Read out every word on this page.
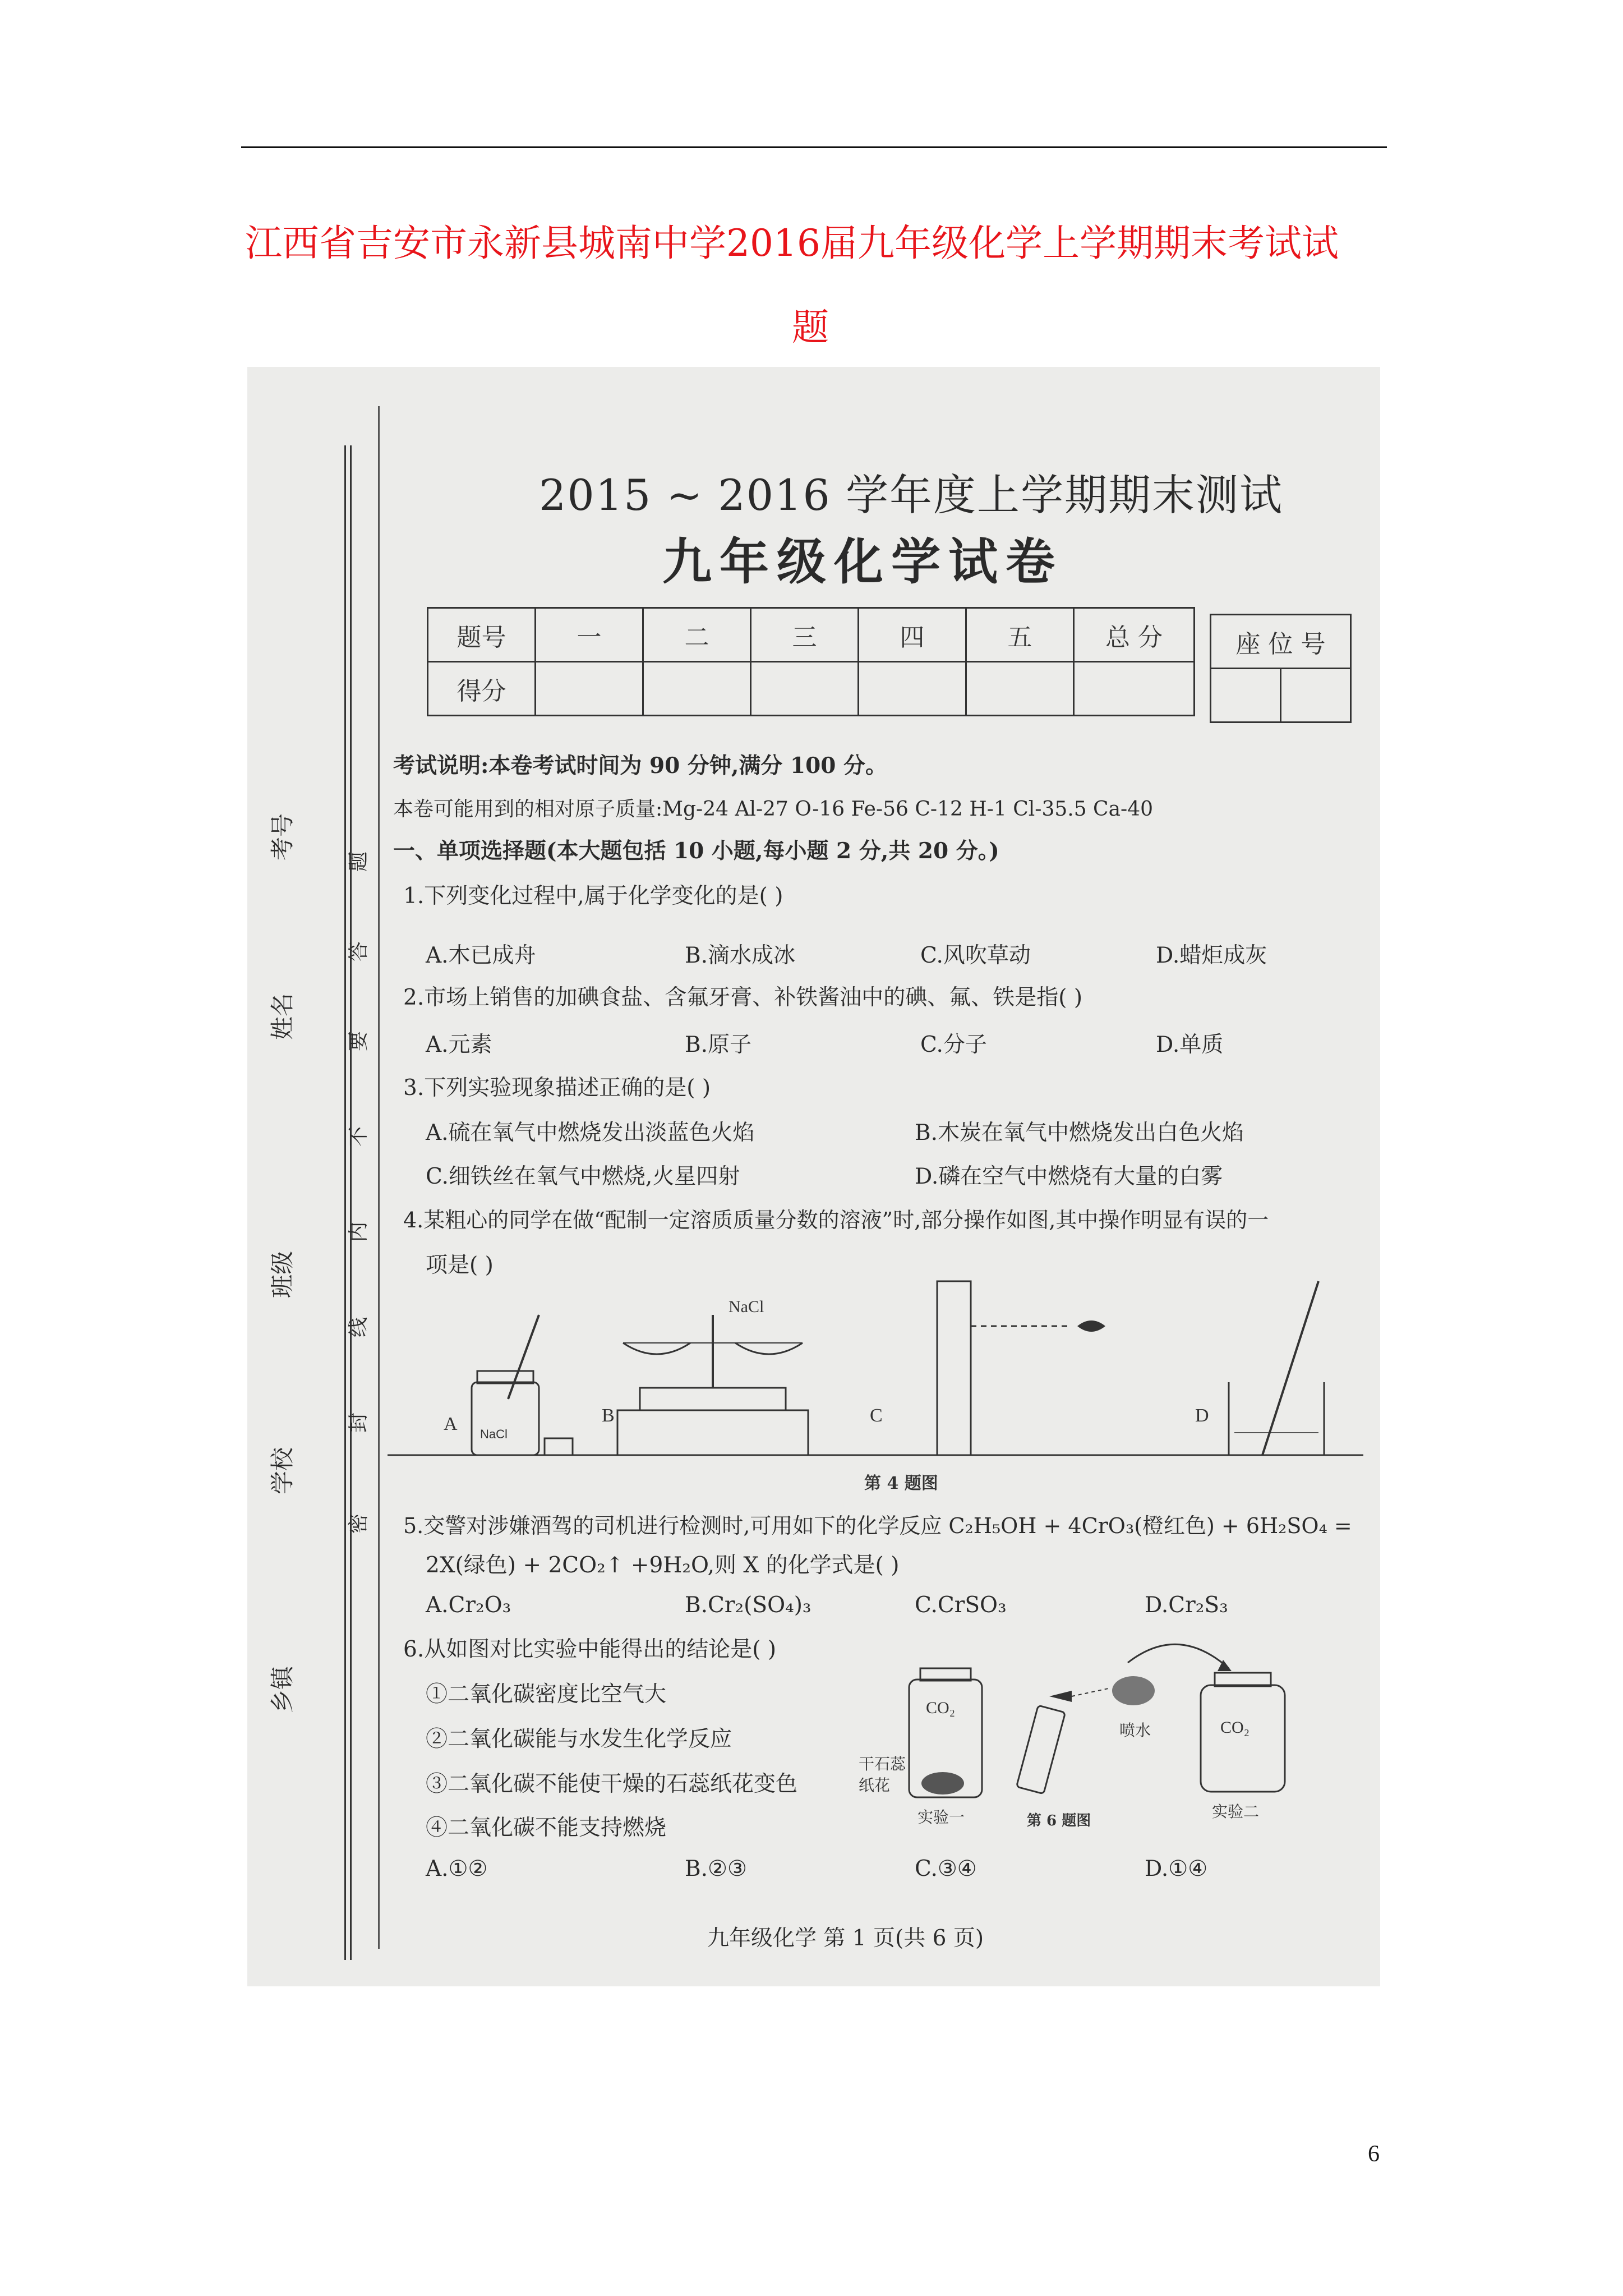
江西省吉安市永新县城南中学2016届九年级化学上学期期末考试试
题
考号
姓名
班级
学校
乡镇
题
答
要
不
内
线
封
密
2015 ~ 2016 学年度上学期期末测试
九年级化学试卷
题号	一	二	三	四	五	总 分
得分						
座 位 号

考试说明:本卷考试时间为 90 分钟,满分 100 分。
本卷可能用到的相对原子质量:Mg-24 Al-27 O-16 Fe-56 C-12 H-1 Cl-35.5 Ca-40
一、单项选择题(本大题包括 10 小题,每小题 2 分,共 20 分。)
1.下列变化过程中,属于化学变化的是( )
A.木已成舟	B.滴水成冰	C.风吹草动	D.蜡炬成灰
2.市场上销售的加碘食盐、含氟牙膏、补铁酱油中的碘、氟、铁是指( )
A.元素	B.原子	C.分子	D.单质
3.下列实验现象描述正确的是( )
A.硫在氧气中燃烧发出淡蓝色火焰	B.木炭在氧气中燃烧发出白色火焰
C.细铁丝在氧气中燃烧,火星四射	D.磷在空气中燃烧有大量的白雾
4.某粗心的同学在做“配制一定溶质质量分数的溶液”时,部分操作如图,其中操作明显有误的一
项是( )
A	B	C	D
NaCl
NaCl
第 4 题图
5.交警对涉嫌酒驾的司机进行检测时,可用如下的化学反应 C₂H₅OH + 4CrO₃(橙红色) + 6H₂SO₄ =
2X(绿色) + 2CO₂↑ +9H₂O,则 X 的化学式是( )
A.Cr₂O₃	B.Cr₂(SO₄)₃	C.CrSO₃	D.Cr₂S₃
6.从如图对比实验中能得出的结论是( )
①二氧化碳密度比空气大
②二氧化碳能与水发生化学反应
③二氧化碳不能使干燥的石蕊纸花变色
④二氧化碳不能支持燃烧
A.①②	B.②③	C.③④	D.①④
CO₂
CO₂
干石蕊
纸花
喷水
实验一	实验二
第 6 题图
九年级化学 第 1 页(共 6 页)
6
